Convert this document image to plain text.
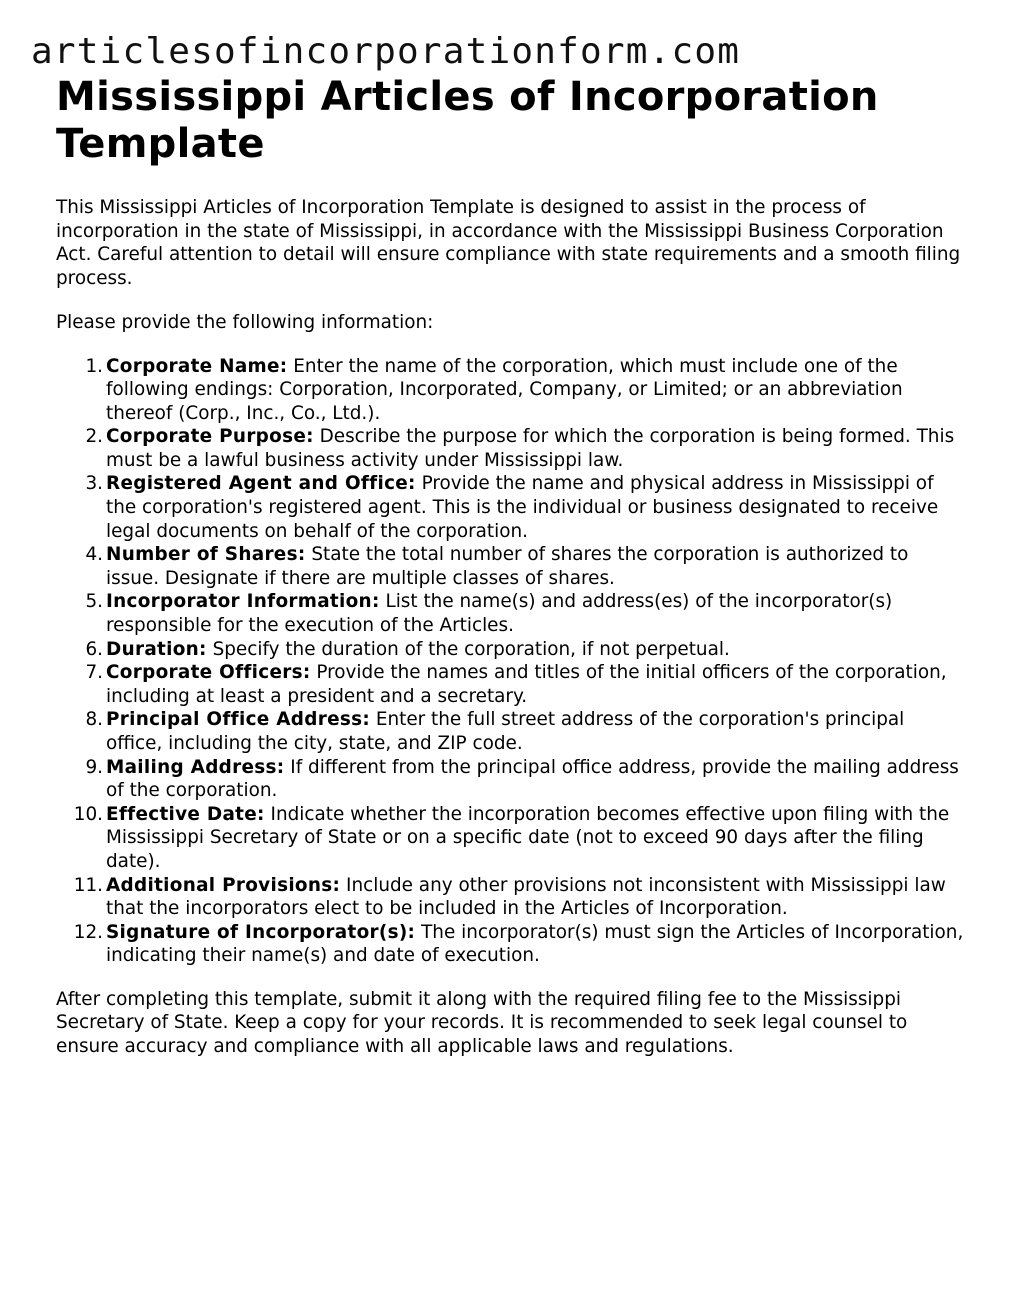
articlesofincorporationform.com
Mississippi Articles of Incorporation Template

This Mississippi Articles of Incorporation Template is designed to assist in the process of incorporation in the state of Mississippi, in accordance with the Mississippi Business Corporation Act. Careful attention to detail will ensure compliance with state requirements and a smooth filing process.

Please provide the following information:

1. Corporate Name: Enter the name of the corporation, which must include one of the following endings: Corporation, Incorporated, Company, or Limited; or an abbreviation thereof (Corp., Inc., Co., Ltd.).
2. Corporate Purpose: Describe the purpose for which the corporation is being formed. This must be a lawful business activity under Mississippi law.
3. Registered Agent and Office: Provide the name and physical address in Mississippi of the corporation's registered agent. This is the individual or business designated to receive legal documents on behalf of the corporation.
4. Number of Shares: State the total number of shares the corporation is authorized to issue. Designate if there are multiple classes of shares.
5. Incorporator Information: List the name(s) and address(es) of the incorporator(s) responsible for the execution of the Articles.
6. Duration: Specify the duration of the corporation, if not perpetual.
7. Corporate Officers: Provide the names and titles of the initial officers of the corporation, including at least a president and a secretary.
8. Principal Office Address: Enter the full street address of the corporation's principal office, including the city, state, and ZIP code.
9. Mailing Address: If different from the principal office address, provide the mailing address of the corporation.
10. Effective Date: Indicate whether the incorporation becomes effective upon filing with the Mississippi Secretary of State or on a specific date (not to exceed 90 days after the filing date).
11. Additional Provisions: Include any other provisions not inconsistent with Mississippi law that the incorporators elect to be included in the Articles of Incorporation.
12. Signature of Incorporator(s): The incorporator(s) must sign the Articles of Incorporation, indicating their name(s) and date of execution.

After completing this template, submit it along with the required filing fee to the Mississippi Secretary of State. Keep a copy for your records. It is recommended to seek legal counsel to ensure accuracy and compliance with all applicable laws and regulations.
